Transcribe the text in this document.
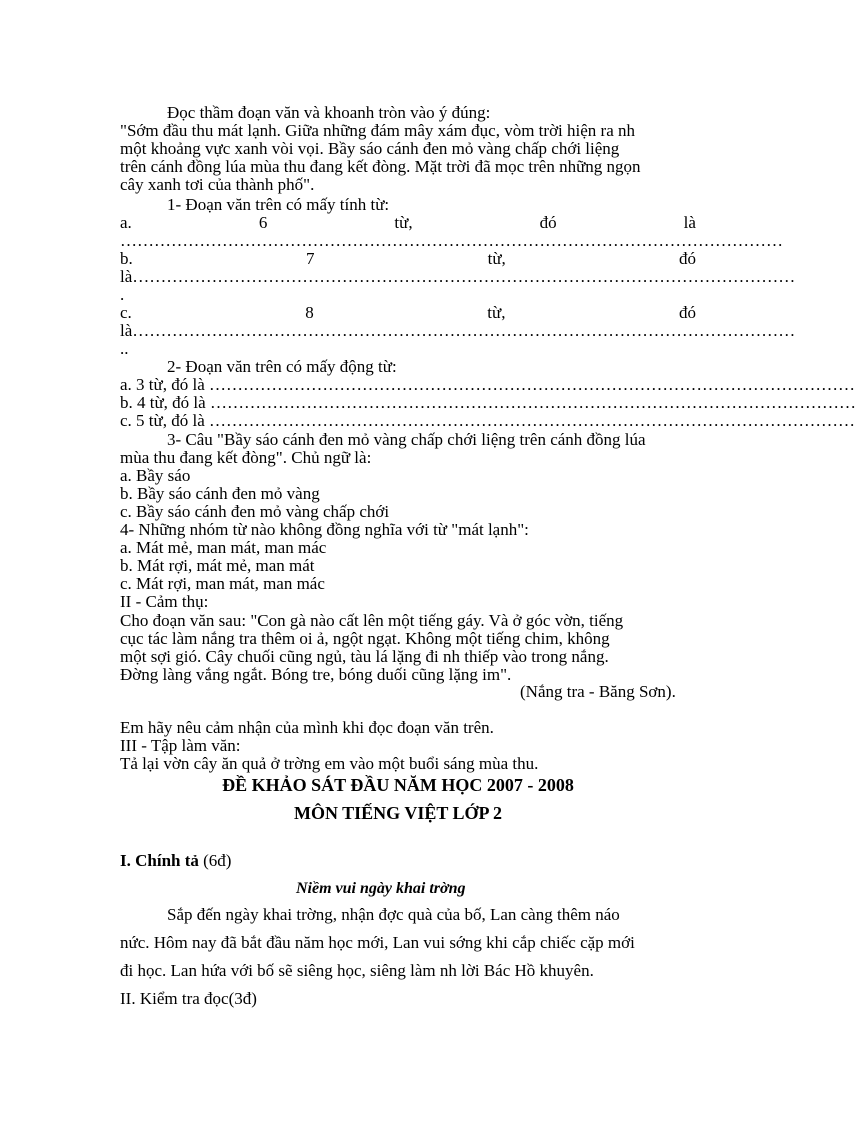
Đọc thầm đoạn văn và khoanh tròn vào ý đúng:
"Sớm đầu thu mát lạnh. Giữa những đám mây xám đục, vòm trời hiện ra nh
một khoảng vực xanh vòi vọi. Bầy sáo cánh đen mỏ vàng chấp chới liệng
trên cánh đồng lúa mùa thu đang kết đòng. Mặt trời đã mọc trên những ngọn
cây xanh tơi của thành phố".
1- Đoạn văn trên có mấy tính từ:
a.	6	từ,	đó	là
………………………………………………………………………………………………………
b.	7	từ,	đó
là………………………………………………………………………………………………………
.
c.	8	từ,	đó
là………………………………………………………………………………………………………
..
2- Đoạn văn trên có mấy động từ:
a. 3 từ, đó là ……………………………………………………………………………………………………
b. 4 từ, đó là ……………………………………………………………………………………………………
c. 5 từ, đó là ……………………………………………………………………………………………………
3- Câu "Bầy sáo cánh đen mỏ vàng chấp chới liệng trên cánh đồng lúa
mùa thu đang kết đòng". Chủ ngữ là:
a. Bầy sáo
b. Bầy sáo cánh đen mỏ vàng
c. Bầy sáo cánh đen mỏ vàng chấp chới
4- Những nhóm từ nào không đồng nghĩa với từ "mát lạnh":
a. Mát mẻ, man mát, man mác
b. Mát rợi, mát mẻ, man mát
c. Mát rợi, man mát, man mác
II - Cảm thụ:
Cho đoạn văn sau: "Con gà nào cất lên một tiếng gáy. Và ở góc vờn, tiếng
cục tác làm nắng tra thêm oi ả, ngột ngạt. Không một tiếng chim, không
một sợi gió. Cây chuối cũng ngủ, tàu lá lặng đi nh thiếp vào trong nắng.
Đờng làng vắng ngắt. Bóng tre, bóng duối cũng lặng im".
(Nắng tra - Băng Sơn).
Em hãy nêu cảm nhận của mình khi đọc đoạn văn trên.
III - Tập làm văn:
Tả lại vờn cây ăn quả ở trờng em vào một buổi sáng mùa thu.
ĐỀ KHẢO SÁT ĐẦU NĂM HỌC 2007 - 2008
MÔN TIẾNG VIỆT LỚP 2
I. Chính tả (6đ)
Niềm vui ngày khai trờng
Sắp đến ngày khai trờng, nhận đợc quà của bố, Lan càng thêm náo
nức. Hôm nay đã bắt đầu năm học mới, Lan vui sớng khi cắp chiếc cặp mới
đi học. Lan hứa với bố sẽ siêng học, siêng làm nh lời Bác Hồ khuyên.
II. Kiểm tra đọc(3đ)
